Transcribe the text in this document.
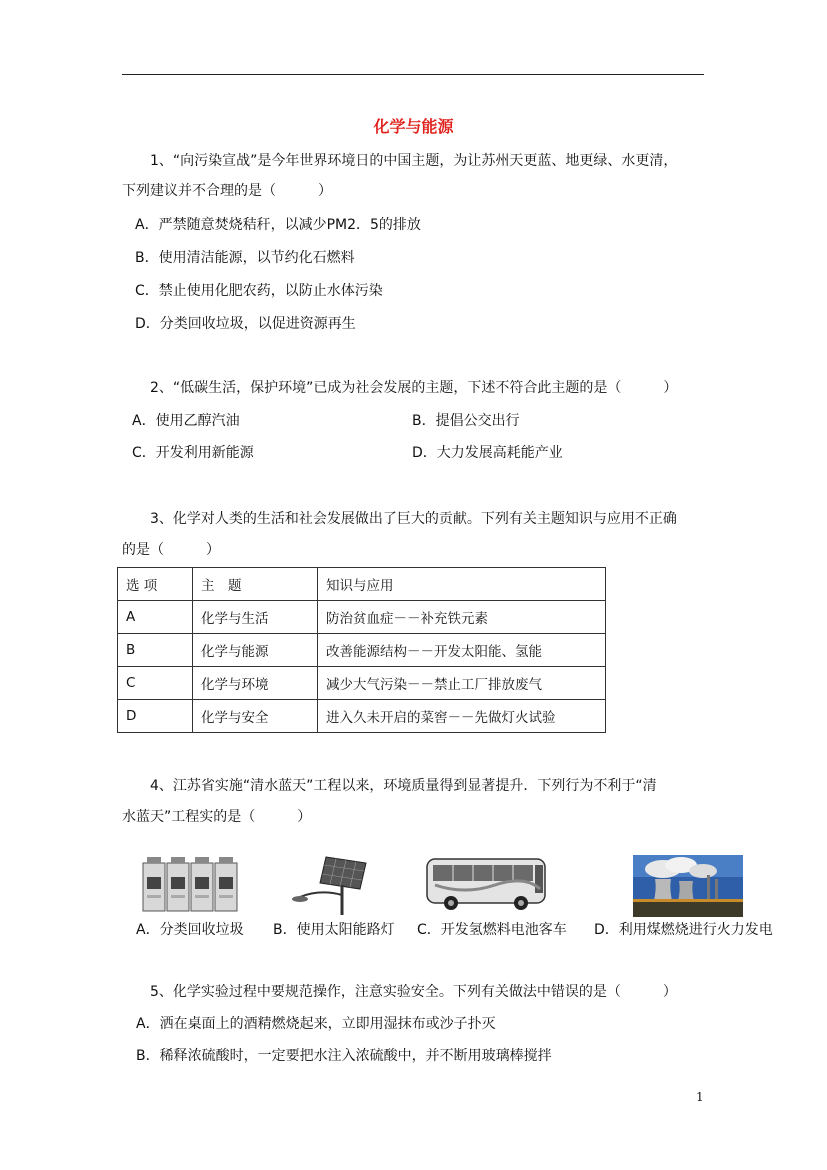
化学与能源
1、“向污染宣战”是今年世界环境日的中国主题，为让苏州天更蓝、地更绿、水更清，
下列建议并不合理的是（　　　）
A．严禁随意焚烧秸秆，以减少PM2．5的排放
B．使用清洁能源，以节约化石燃料
C．禁止使用化肥农药，以防止水体污染
D．分类回收垃圾，以促进资源再生
2、“低碳生活，保护环境”已成为社会发展的主题，下述不符合此主题的是（　　　）
A．使用乙醇汽油	B．提倡公交出行
C．开发利用新能源	D．大力发展高耗能产业
3、化学对人类的生活和社会发展做出了巨大的贡献。下列有关主题知识与应用不正确
的是（　　　）
选 项	主　题	知识与应用
A	化学与生活	防治贫血症－－补充铁元素
B	化学与能源	改善能源结构－－开发太阳能、氢能
C	化学与环境	减少大气污染－－禁止工厂排放废气
D	化学与安全	进入久未开启的菜窖－－先做灯火试验
4、江苏省实施“清水蓝天”工程以来，环境质量得到显著提升．下列行为不利于“清
水蓝天”工程实的是（　　　）
A．分类回收垃圾 B．使用太阳能路灯 C．开发氢燃料电池客车 D．利用煤燃烧进行火力发电
5、化学实验过程中要规范操作，注意实验安全。下列有关做法中错误的是（　　　）
A．洒在桌面上的酒精燃烧起来，立即用湿抹布或沙子扑灭
B．稀释浓硫酸时，一定要把水注入浓硫酸中，并不断用玻璃棒搅拌
1
